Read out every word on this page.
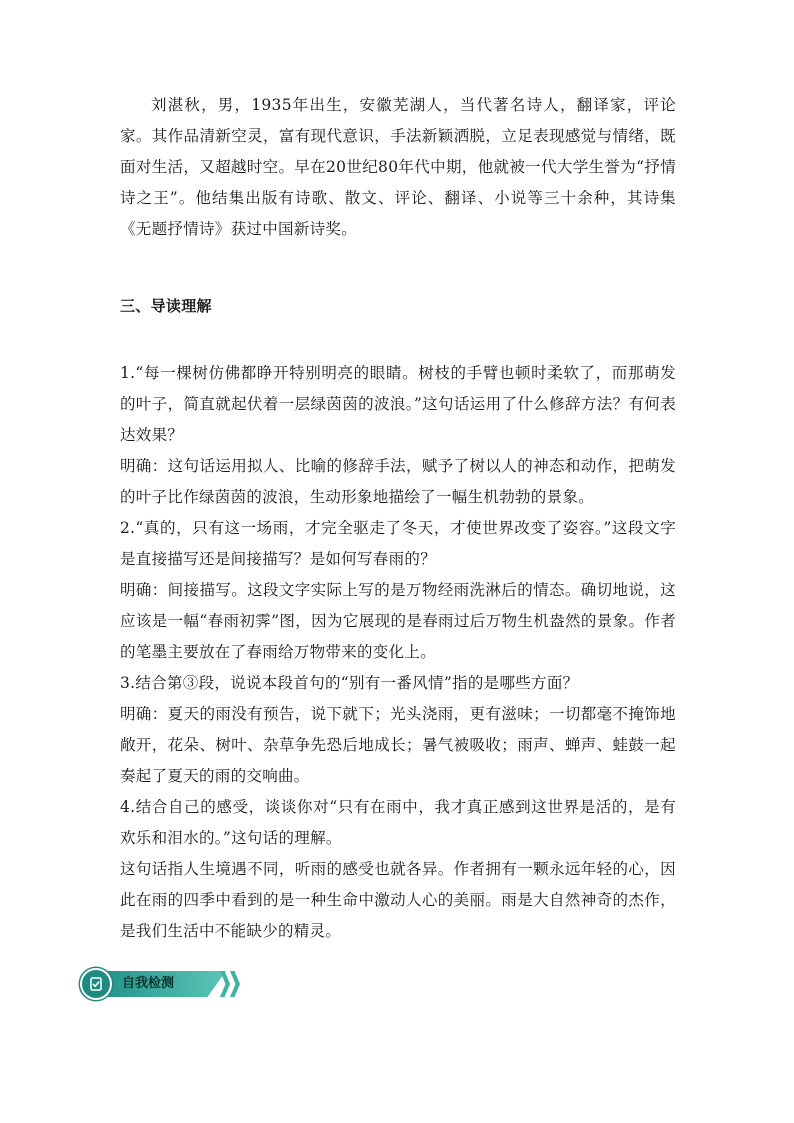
刘湛秋，男，1935年出生，安徽芜湖人，当代著名诗人，翻译家，评论家。其作品清新空灵，富有现代意识，手法新颖洒脱，立足表现感觉与情绪，既面对生活，又超越时空。早在20世纪80年代中期，他就被一代大学生誉为“抒情诗之王”。他结集出版有诗歌、散文、评论、翻译、小说等三十余种，其诗集《无题抒情诗》获过中国新诗奖。

三、导读理解

1.“每一棵树仿佛都睁开特别明亮的眼睛。树枝的手臂也顿时柔软了，而那萌发的叶子，简直就起伏着一层绿茵茵的波浪。”这句话运用了什么修辞方法？有何表达效果？

明确：这句话运用拟人、比喻的修辞手法，赋予了树以人的神态和动作，把萌发的叶子比作绿茵茵的波浪，生动形象地描绘了一幅生机勃勃的景象。

2.“真的，只有这一场雨，才完全驱走了冬天，才使世界改变了姿容。”这段文字是直接描写还是间接描写？是如何写春雨的？

明确：间接描写。这段文字实际上写的是万物经雨洗淋后的情态。确切地说，这应该是一幅“春雨初霁”图，因为它展现的是春雨过后万物生机盎然的景象。作者的笔墨主要放在了春雨给万物带来的变化上。

3.结合第③段，说说本段首句的“别有一番风情”指的是哪些方面？

明确：夏天的雨没有预告，说下就下；光头浇雨，更有滋味；一切都毫不掩饰地敞开，花朵、树叶、杂草争先恐后地成长；暑气被吸收；雨声、蝉声、蛙鼓一起奏起了夏天的雨的交响曲。

4.结合自己的感受，谈谈你对“只有在雨中，我才真正感到这世界是活的，是有欢乐和泪水的。”这句话的理解。

这句话指人生境遇不同，听雨的感受也就各异。作者拥有一颗永远年轻的心，因此在雨的四季中看到的是一种生命中激动人心的美丽。雨是大自然神奇的杰作，是我们生活中不能缺少的精灵。

自我检测
